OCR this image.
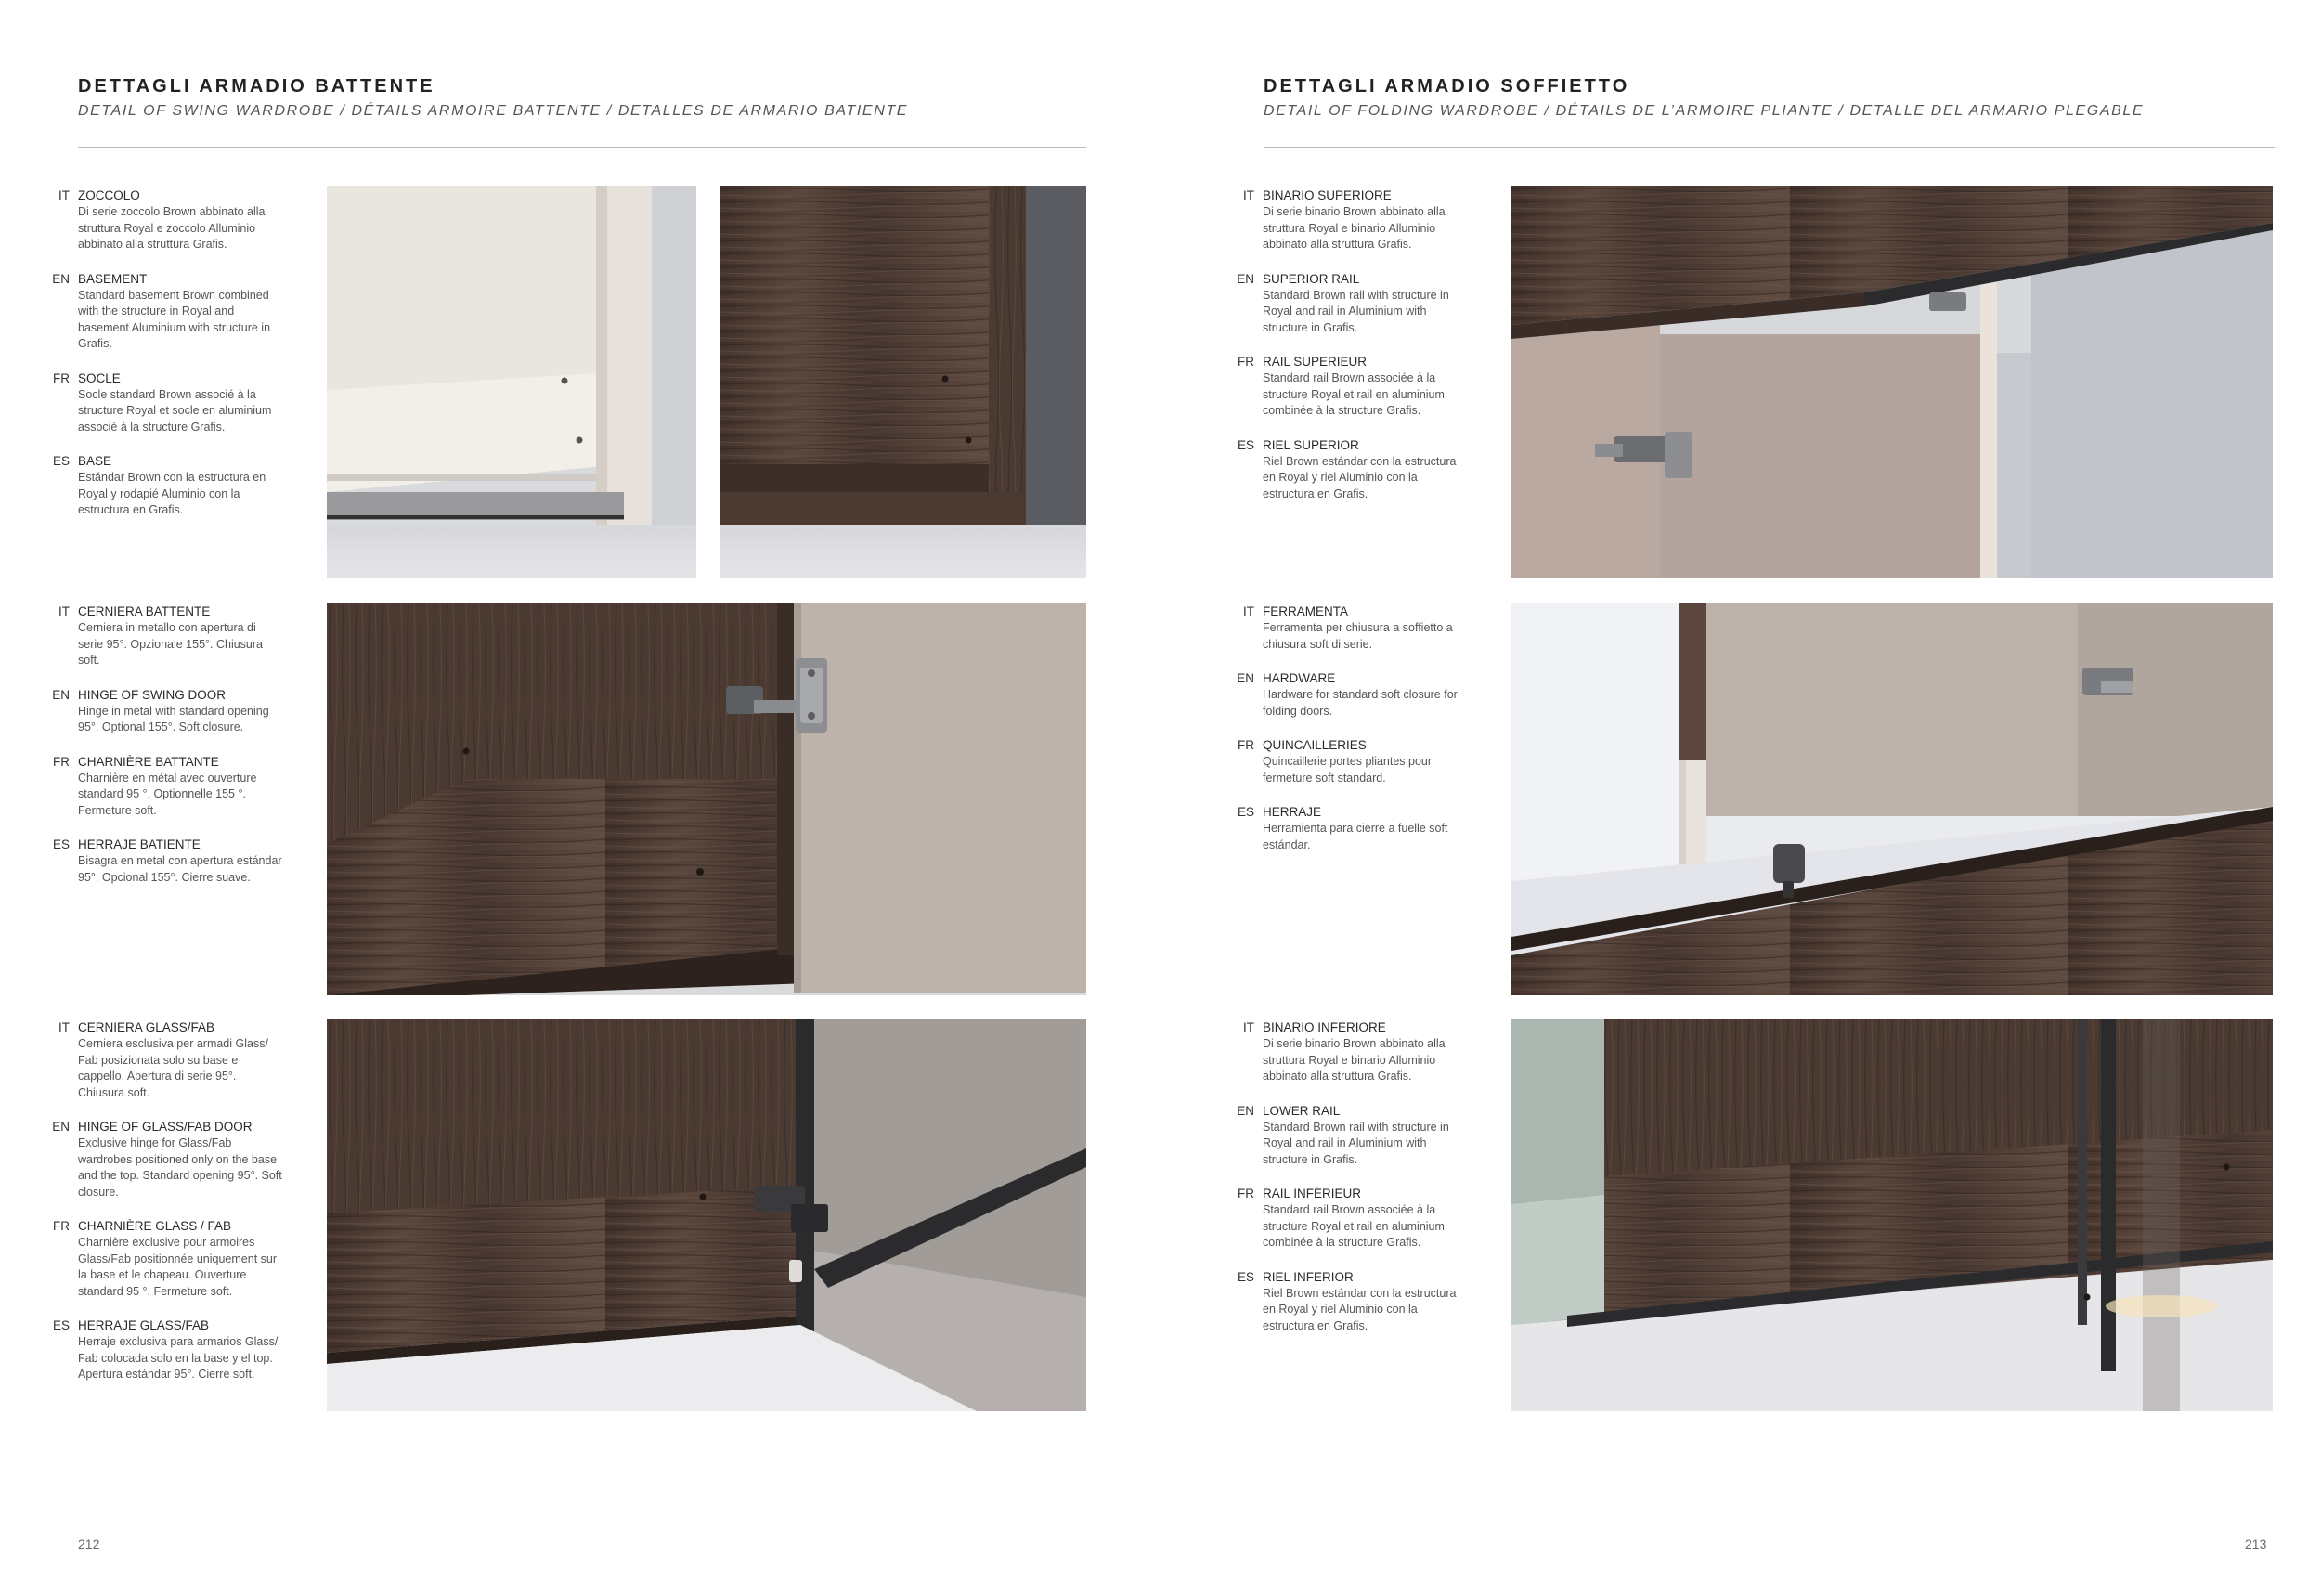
DETTAGLI ARMADIO BATTENTE
DETAIL OF SWING WARDROBE / DÉTAILS ARMOIRE BATTENTE / DETALLES DE ARMARIO BATIENTE
DETTAGLI ARMADIO SOFFIETTO
DETAIL OF FOLDING WARDROBE / DÉTAILS DE L’ARMOIRE PLIANTE / DETALLE DEL ARMARIO PLEGABLE
IT ZOCCOLO
Di serie zoccolo Brown abbinato alla struttura Royal e zoccolo Alluminio abbinato alla struttura Grafis.
EN BASEMENT
Standard basement Brown combined with the structure in Royal and basement Aluminium with structure in Grafis.
FR SOCLE
Socle standard Brown associé à la structure Royal et socle en aluminium associé à la structure Grafis.
ES BASE
Estándar Brown con la estructura en Royal y rodapié Aluminio con la estructura en Grafis.
IT CERNIERA BATTENTE
Cerniera in metallo con apertura di serie 95°. Opzionale 155°. Chiusura soft.
EN HINGE OF SWING DOOR
Hinge in metal with standard opening 95°. Optional 155°. Soft closure.
FR CHARNIÈRE BATTANTE
Charnière en métal avec ouverture standard 95 °. Optionnelle 155 °. Fermeture soft.
ES HERRAJE BATIENTE
Bisagra en metal con apertura estándar 95°. Opcional 155°. Cierre suave.
IT CERNIERA GLASS/FAB
Cerniera esclusiva per armadi Glass/ Fab posizionata solo su base e cappello. Apertura di serie 95°. Chiusura soft.
EN HINGE OF GLASS/FAB DOOR
Exclusive hinge for Glass/Fab wardrobes positioned only on the base and the top. Standard opening 95°. Soft closure.
FR CHARNIÈRE GLASS / FAB
Charnière exclusive pour armoires Glass/Fab positionnée uniquement sur la base et le chapeau. Ouverture standard 95 °. Fermeture soft.
ES HERRAJE GLASS/FAB
Herraje exclusiva para armarios Glass/ Fab colocada solo en la base y el top. Apertura estándar 95°. Cierre soft.
IT BINARIO SUPERIORE
Di serie binario Brown abbinato alla struttura Royal e binario Alluminio abbinato alla struttura Grafis.
EN SUPERIOR RAIL
Standard Brown rail with structure in Royal and rail in Aluminium with structure in Grafis.
FR RAIL SUPERIEUR
Standard rail Brown associée à la structure Royal et rail en aluminium combinée à la structure Grafis.
ES RIEL SUPERIOR
Riel Brown estándar con la estructura en Royal y riel Aluminio con la estructura en Grafis.
IT FERRAMENTA
Ferramenta per chiusura a soffietto a chiusura soft di serie.
EN HARDWARE
Hardware for standard soft closure for folding doors.
FR QUINCAILLERIES
Quincaillerie portes pliantes pour fermeture soft standard.
ES HERRAJE
Herramienta para cierre a fuelle soft estándar.
IT BINARIO INFERIORE
Di serie binario Brown abbinato alla struttura Royal e binario Alluminio abbinato alla struttura Grafis.
EN LOWER RAIL
Standard Brown rail with structure in Royal and rail in Aluminium with structure in Grafis.
FR RAIL INFÉRIEUR
Standard rail Brown associée à la structure Royal et rail en aluminium combinée à la structure Grafis.
ES RIEL INFERIOR
Riel Brown estándar con la estructura en Royal y riel Aluminio con la estructura en Grafis.
212	213
